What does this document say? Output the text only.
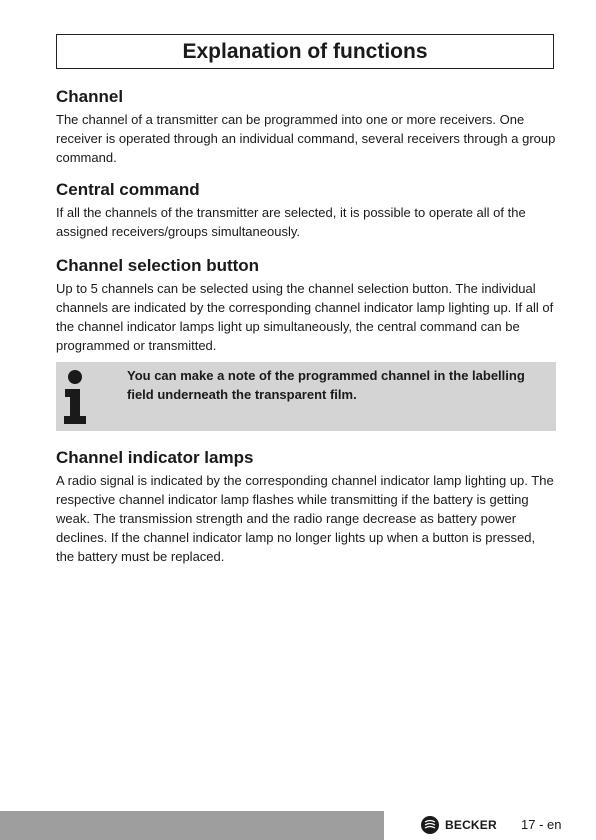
Explanation of functions
Channel

The channel of a transmitter can be programmed into one or more receivers. One receiver is operated through an individual command, several receivers through a group command.

Central command

If all the channels of the transmitter are selected, it is possible to operate all of the assigned receivers/groups simultaneously.

Channel selection button

Up to 5 channels can be selected using the channel selection button. The individual channels are indicated by the corresponding channel indicator lamp lighting up. If all of the channel indicator lamps light up simultaneously, the central command can be programmed or transmitted.

You can make a note of the programmed channel in the labelling field underneath the transparent film.
Channel indicator lamps

A radio signal is indicated by the corresponding channel indicator lamp lighting up. The respective channel indicator lamp flashes while transmitting if the battery is getting weak. The transmission strength and the radio range decrease as battery power declines. If the channel indicator lamp no longer lights up when a button is pressed, the battery must be replaced.

BECKER 17 - en
